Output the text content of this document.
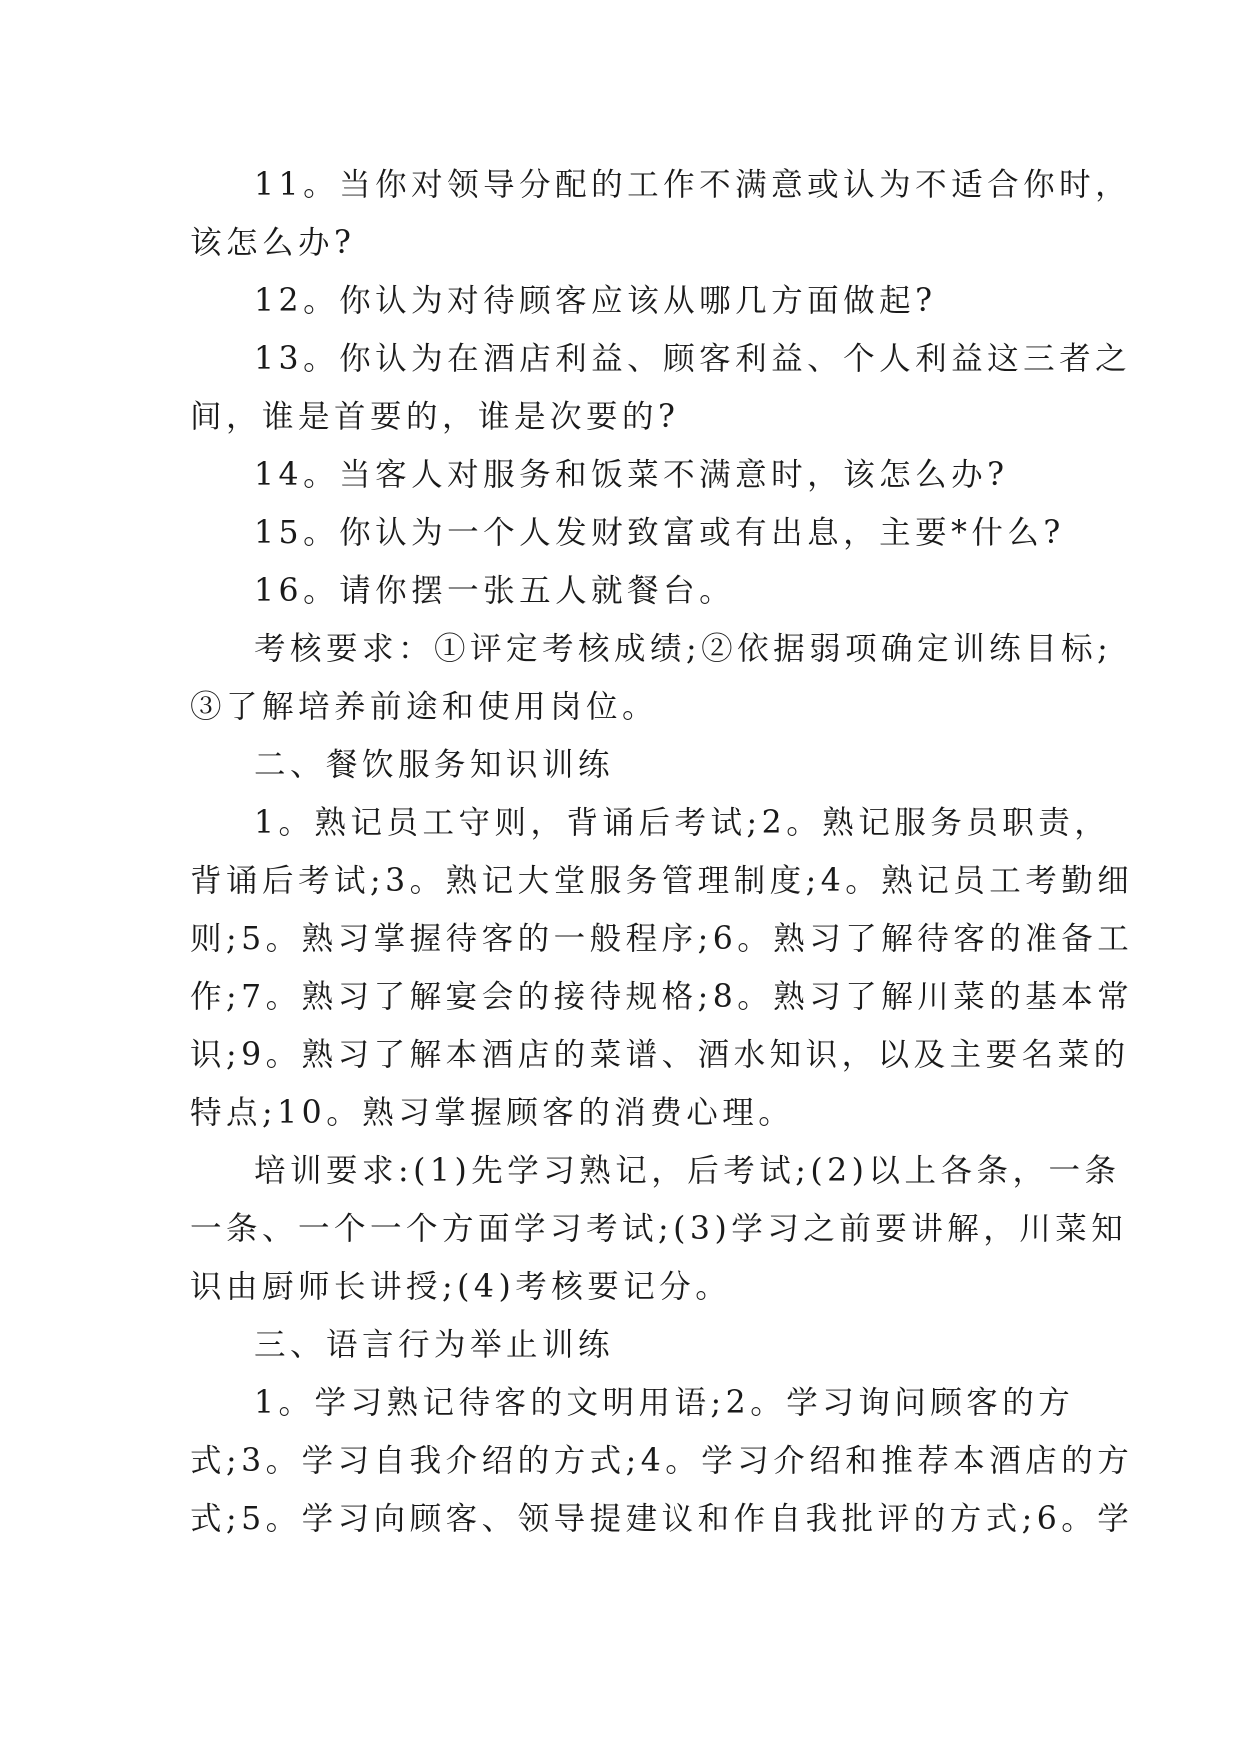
11。当你对领导分配的工作不满意或认为不适合你时，

该怎么办?

12。你认为对待顾客应该从哪几方面做起?

13。你认为在酒店利益、顾客利益、个人利益这三者之

间，谁是首要的，谁是次要的?

14。当客人对服务和饭菜不满意时，该怎么办?

15。你认为一个人发财致富或有出息，主要*什么?

16。请你摆一张五人就餐台。

考核要求：①评定考核成绩;②依据弱项确定训练目标;

③了解培养前途和使用岗位。

二、餐饮服务知识训练

1。熟记员工守则，背诵后考试;2。熟记服务员职责，

背诵后考试;3。熟记大堂服务管理制度;4。熟记员工考勤细

则;5。熟习掌握待客的一般程序;6。熟习了解待客的准备工

作;7。熟习了解宴会的接待规格;8。熟习了解川菜的基本常

识;9。熟习了解本酒店的菜谱、酒水知识，以及主要名菜的

特点;10。熟习掌握顾客的消费心理。

培训要求:(1)先学习熟记，后考试;(2)以上各条，一条

一条、一个一个方面学习考试;(3)学习之前要讲解，川菜知

识由厨师长讲授;(4)考核要记分。

三、语言行为举止训练

1。学习熟记待客的文明用语;2。学习询问顾客的方

式;3。学习自我介绍的方式;4。学习介绍和推荐本酒店的方

式;5。学习向顾客、领导提建议和作自我批评的方式;6。学
